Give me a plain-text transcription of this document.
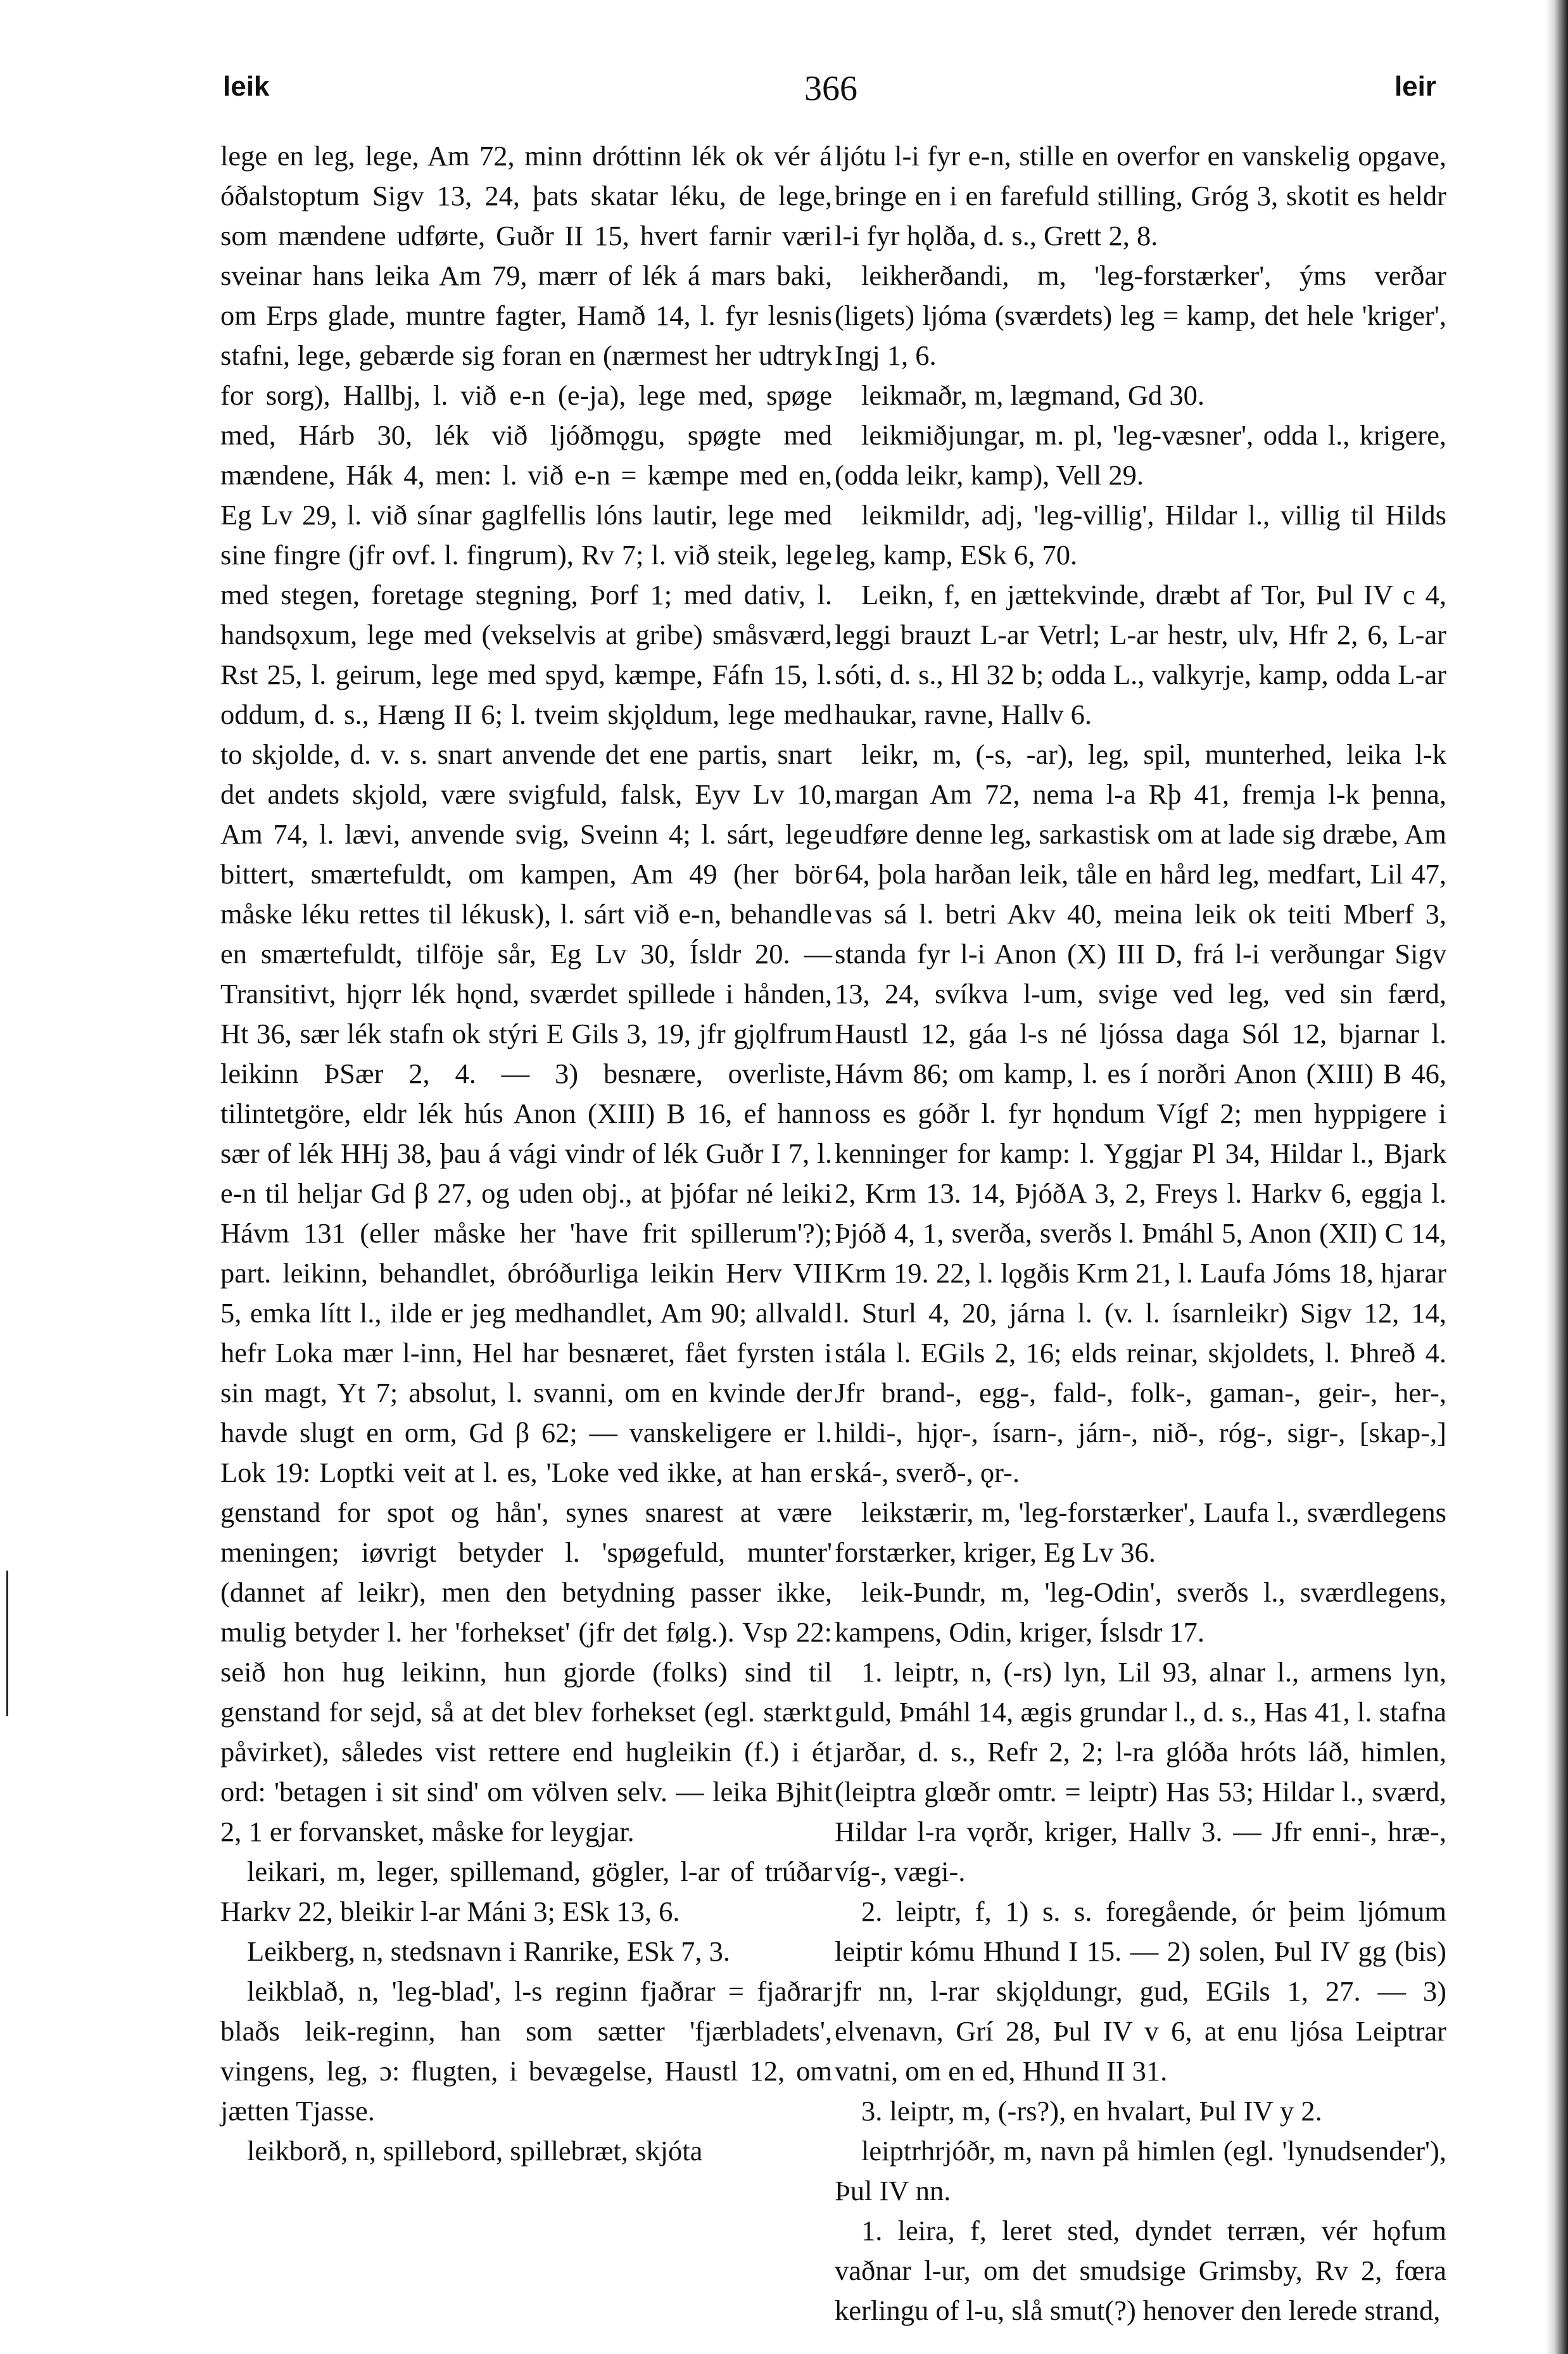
leik	366	leir

lege en leg, lege, Am 72, minn dróttinn lék ok vér á óðalstoptum Sigv 13, 24, þats skatar léku, de lege, som mændene udførte, Guðr II 15, hvert farnir væri sveinar hans leika Am 79, mærr of lék á mars baki, om Erps glade, muntre fagter, Hamð 14, l. fyr lesnis stafni, lege, gebærde sig foran en (nærmest her udtryk for sorg), Hallbj, l. við e-n (e-ja), lege med, spøge med, Hárb 30, lék við ljóðmǫgu, spøgte med mændene, Hák 4, men: l. við e-n = kæmpe med en, Eg Lv 29, l. við sínar gaglfellis lóns lautir, lege med sine fingre (jfr ovf. l. fingrum), Rv 7; l. við steik, lege med stegen, foretage stegning, Þorf 1; med dativ, l. handsǫxum, lege med (vekselvis at gribe) småsværd, Rst 25, l. geirum, lege med spyd, kæmpe, Fáfn 15, l. oddum, d. s., Hæng II 6; l. tveim skjǫldum, lege med to skjolde, d. v. s. snart anvende det ene partis, snart det andets skjold, være svigfuld, falsk, Eyv Lv 10, Am 74, l. lævi, anvende svig, Sveinn 4; l. sárt, lege bittert, smærtefuldt, om kampen, Am 49 (her bör måske léku rettes til lékusk), l. sárt við e-n, behandle en smærtefuldt, tilföje sår, Eg Lv 30, Ísldr 20. — Transitivt, hjǫrr lék hǫnd, sværdet spillede i hånden, Ht 36, sær lék stafn ok stýri E Gils 3, 19, jfr gjǫlfrum leikinn ÞSær 2, 4. — 3) besnære, overliste, tilintetgöre, eldr lék hús Anon (XIII) B 16, ef hann sær of lék HHj 38, þau á vági vindr of lék Guðr I 7, l. e-n til heljar Gd β 27, og uden obj., at þjófar né leiki Hávm 131 (eller måske her 'have frit spillerum'?); part. leikinn, behandlet, óbróðurliga leikin Herv VII 5, emka lítt l., ilde er jeg medhandlet, Am 90; allvald hefr Loka mær l-inn, Hel har besnæret, fået fyrsten i sin magt, Yt 7; absolut, l. svanni, om en kvinde der havde slugt en orm, Gd β 62; — vanskeligere er l. Lok 19: Loptki veit at l. es, 'Loke ved ikke, at han er genstand for spot og hån', synes snarest at være meningen; iøvrigt betyder l. 'spøgefuld, munter' (dannet af leikr), men den betydning passer ikke, mulig betyder l. her 'forhekset' (jfr det følg.). Vsp 22: seið hon hug leikinn, hun gjorde (folks) sind til genstand for sejd, så at det blev forhekset (egl. stærkt påvirket), således vist rettere end hugleikin (f.) i ét ord: 'betagen i sit sind' om völven selv. — leika Bjhit 2, 1 er forvansket, måske for leygjar.

leikari, m, leger, spillemand, gögler, l-ar of trúðar Harkv 22, bleikir l-ar Máni 3; ESk 13, 6.

Leikberg, n, stedsnavn i Ranrike, ESk 7, 3.

leikblað, n, 'leg-blad', l-s reginn fjaðrar = fjaðrar blaðs leik-reginn, han som sætter 'fjærbladets', vingens, leg, ɔ: flugten, i bevægelse, Haustl 12, om jætten Tjasse.

leikborð, n, spillebord, spillebræt, skjóta

ljótu l-i fyr e-n, stille en overfor en vanskelig opgave, bringe en i en farefuld stilling, Gróg 3, skotit es heldr l-i fyr hǫlða, d. s., Grett 2, 8.

leikherðandi, m, 'leg-forstærker', ýms verðar (ligets) ljóma (sværdets) leg = kamp, det hele 'kriger', Ingj 1, 6.

leikmaðr, m, lægmand, Gd 30.

leikmiðjungar, m. pl, 'leg-væsner', odda l., krigere, (odda leikr, kamp), Vell 29.

leikmildr, adj, 'leg-villig', Hildar l., villig til Hilds leg, kamp, ESk 6, 70.

Leikn, f, en jættekvinde, dræbt af Tor, Þul IV c 4, leggi brauzt L-ar Vetrl; L-ar hestr, ulv, Hfr 2, 6, L-ar sóti, d. s., Hl 32 b; odda L., valkyrje, kamp, odda L-ar haukar, ravne, Hallv 6.

leikr, m, (-s, -ar), leg, spil, munterhed, leika l-k margan Am 72, nema l-a Rþ 41, fremja l-k þenna, udføre denne leg, sarkastisk om at lade sig dræbe, Am 64, þola harðan leik, tåle en hård leg, medfart, Lil 47, vas sá l. betri Akv 40, meina leik ok teiti Mberf 3, standa fyr l-i Anon (X) III D, frá l-i verðungar Sigv 13, 24, svíkva l-um, svige ved leg, ved sin færd, Haustl 12, gáa l-s né ljóssa daga Sól 12, bjarnar l. Hávm 86; om kamp, l. es í norðri Anon (XIII) B 46, oss es góðr l. fyr hǫndum Vígf 2; men hyppigere i kenninger for kamp: l. Yggjar Pl 34, Hildar l., Bjark 2, Krm 13. 14, ÞjóðA 3, 2, Freys l. Harkv 6, eggja l. Þjóð 4, 1, sverða, sverðs l. Þmáhl 5, Anon (XII) C 14, Krm 19. 22, l. lǫgðis Krm 21, l. Laufa Jóms 18, hjarar l. Sturl 4, 20, járna l. (v. l. ísarnleikr) Sigv 12, 14, stála l. EGils 2, 16; elds reinar, skjoldets, l. Þhreð 4. Jfr brand-, egg-, fald-, folk-, gaman-, geir-, her-, hildi-, hjǫr-, ísarn-, járn-, nið-, róg-, sigr-, [skap-,] ská-, sverð-, ǫr-.

leikstærir, m, 'leg-forstærker', Laufa l., sværdlegens forstærker, kriger, Eg Lv 36.

leik-Þundr, m, 'leg-Odin', sverðs l., sværdlegens, kampens, Odin, kriger, Íslsdr 17.

1. leiptr, n, (-rs) lyn, Lil 93, alnar l., armens lyn, guld, Þmáhl 14, ægis grundar l., d. s., Has 41, l. stafna jarðar, d. s., Refr 2, 2; l-ra glóða hróts láð, himlen, (leiptra glœðr omtr. = leiptr) Has 53; Hildar l., sværd, Hildar l-ra vǫrðr, kriger, Hallv 3. — Jfr enni-, hræ-, víg-, vægi-.

2. leiptr, f, 1) s. s. foregående, ór þeim ljómum leiptir kómu Hhund I 15. — 2) solen, Þul IV gg (bis) jfr nn, l-rar skjǫldungr, gud, EGils 1, 27. — 3) elvenavn, Grí 28, Þul IV v 6, at enu ljósa Leiptrar vatni, om en ed, Hhund II 31.

3. leiptr, m, (-rs?), en hvalart, Þul IV y 2.

leiptrhrjóðr, m, navn på himlen (egl. 'lynudsender'), Þul IV nn.

1. leira, f, leret sted, dyndet terræn, vér hǫfum vaðnar l-ur, om det smudsige Grimsby, Rv 2, fœra kerlingu of l-u, slå smut(?) henover den lerede strand,
